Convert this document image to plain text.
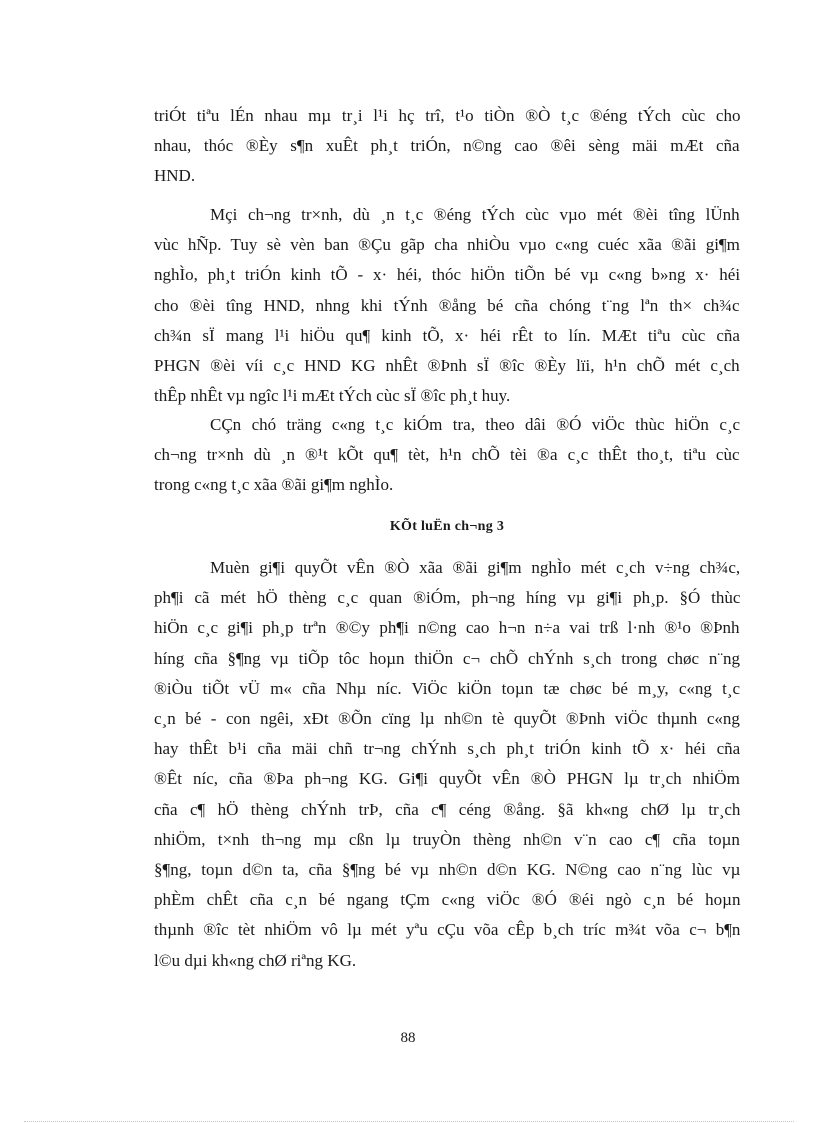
triÓt tiªu lÉn nhau mµ tr¸i l¹i hç trî, t¹o tiÒn ®Ò t¸c ®éng tÝch cùc cho
nhau, thóc ®Èy s¶n xuÊt ph¸t triÓn, n©ng cao ®êi sèng mäi mÆt cña
HND.
Mçi ch¬ng tr×nh, dù ¸n t¸c ®éng tÝch cùc vµo mét ®èi tîng lÜnh
vùc hÑp. Tuy sè vèn ban ®Çu gãp cha nhiÒu vµo c«ng cuéc xãa ®ãi gi¶m
nghÌo, ph¸t triÓn kinh tÕ - x· héi, thóc hiÖn tiÕn bé vµ c«ng b»ng x· héi
cho ®èi tîng HND, nhng khi tÝnh ®ång bé cña chóng t¨ng lªn th× ch¾c
ch¾n sÏ mang l¹i hiÖu qu¶ kinh tÕ, x· héi rÊt to lín. MÆt tiªu cùc cña
PHGN ®èi víi c¸c HND KG nhÊt ®Þnh sÏ ®îc ®Èy lïi, h¹n chÕ mét c¸ch
thÊp nhÊt vµ ngîc l¹i mÆt tÝch cùc sÏ ®îc ph¸t huy.
CÇn chó träng c«ng t¸c kiÓm tra, theo dâi ®Ó viÖc thùc hiÖn c¸c
ch¬ng tr×nh dù ¸n ®¹t kÕt qu¶ tèt, h¹n chÕ tèi ®a c¸c thÊt tho¸t, tiªu cùc
trong c«ng t¸c xãa ®ãi gi¶m nghÌo.
KÕt luËn ch¬ng 3
Muèn gi¶i quyÕt vÊn ®Ò xãa ®ãi gi¶m nghÌo mét c¸ch v÷ng ch¾c,
ph¶i cã mét hÖ thèng c¸c quan ®iÓm, ph¬ng híng vµ gi¶i ph¸p. §Ó thùc
hiÖn c¸c gi¶i ph¸p trªn ®©y ph¶i n©ng cao h¬n n÷a vai trß l·nh ®¹o ®Þnh
híng cña §¶ng vµ tiÕp tôc hoµn thiÖn c¬ chÕ chÝnh s¸ch trong chøc n¨ng
®iÒu tiÕt vÜ m« cña Nhµ níc. ViÖc kiÖn toµn tæ chøc bé m¸y, c«ng t¸c
c¸n bé - con ngêi, xÐt ®Õn cïng lµ nh©n tè quyÕt ®Þnh viÖc thµnh c«ng
hay thÊt b¹i cña mäi chñ tr¬ng chÝnh s¸ch ph¸t triÓn kinh tÕ x· héi cña
®Êt níc, cña ®Þa ph¬ng KG. Gi¶i quyÕt vÊn ®Ò PHGN lµ tr¸ch nhiÖm
cña c¶ hÖ thèng chÝnh trÞ, cña c¶ céng ®ång. §ã kh«ng chØ lµ tr¸ch
nhiÖm, t×nh th¬ng mµ cßn lµ truyÒn thèng nh©n v¨n cao c¶ cña toµn
§¶ng, toµn d©n ta, cña §¶ng bé vµ nh©n d©n KG. N©ng cao n¨ng lùc vµ
phÈm chÊt cña c¸n bé ngang tÇm c«ng viÖc ®Ó ®éi ngò c¸n bé hoµn
thµnh ®îc tèt nhiÖm vô lµ mét yªu cÇu võa cÊp b¸ch tríc m¾t võa c¬ b¶n
l©u dµi kh«ng chØ riªng KG.
88
